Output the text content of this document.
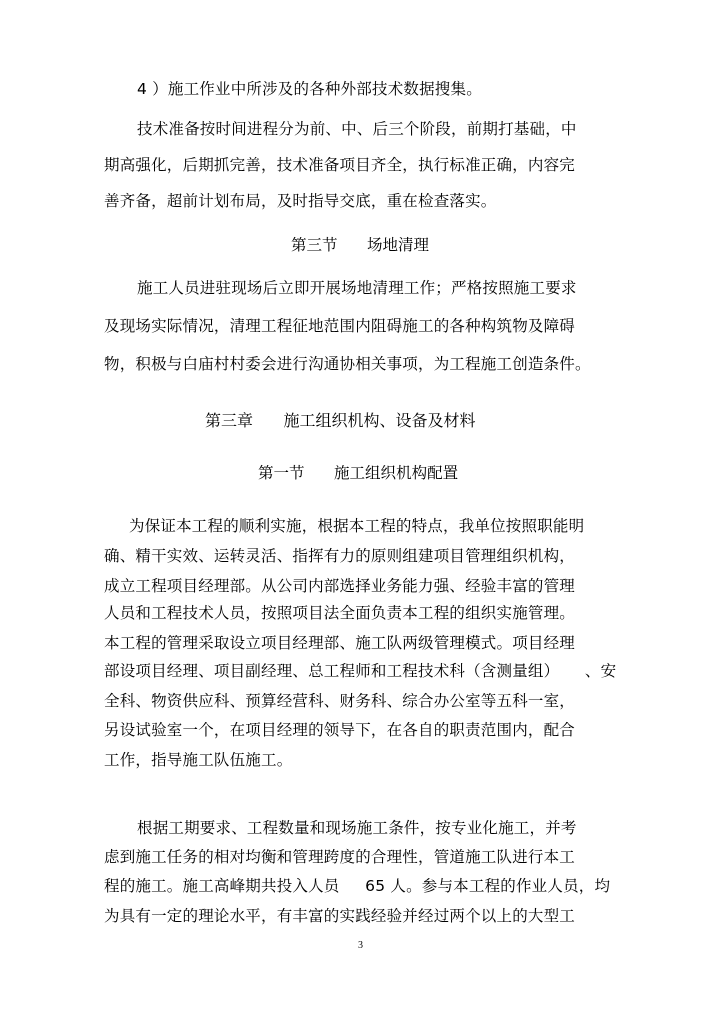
4 ）施工作业中所涉及的各种外部技术数据搜集。
技术准备按时间进程分为前、中、后三个阶段，前期打基础，中
期高强化，后期抓完善，技术准备项目齐全，执行标准正确，内容完
善齐备，超前计划布局，及时指导交底，重在检查落实。
第三节      场地清理
施工人员进驻现场后立即开展场地清理工作；严格按照施工要求
及现场实际情况，清理工程征地范围内阻碍施工的各种构筑物及障碍
物，积极与白庙村村委会进行沟通协相关事项，为工程施工创造条件。
第三章      施工组织机构、设备及材料
第一节      施工组织机构配置
为保证本工程的顺利实施，根据本工程的特点，我单位按照职能明
确、精干实效、运转灵活、指挥有力的原则组建项目管理组织机构，
成立工程项目经理部。从公司内部选择业务能力强、经验丰富的管理
人员和工程技术人员，按照项目法全面负责本工程的组织实施管理。
本工程的管理采取设立项目经理部、施工队两级管理模式。项目经理
部设项目经理、项目副经理、总工程师和工程技术科（含测量组）     、安
全科、物资供应科、预算经营科、财务科、综合办公室等五科一室，
另设试验室一个，在项目经理的领导下，在各自的职责范围内，配合
工作，指导施工队伍施工。
根据工期要求、工程数量和现场施工条件，按专业化施工，并考
虑到施工任务的相对均衡和管理跨度的合理性，管道施工队进行本工
程的施工。施工高峰期共投入人员     65 人。参与本工程的作业人员，均
为具有一定的理论水平，有丰富的实践经验并经过两个以上的大型工
3
